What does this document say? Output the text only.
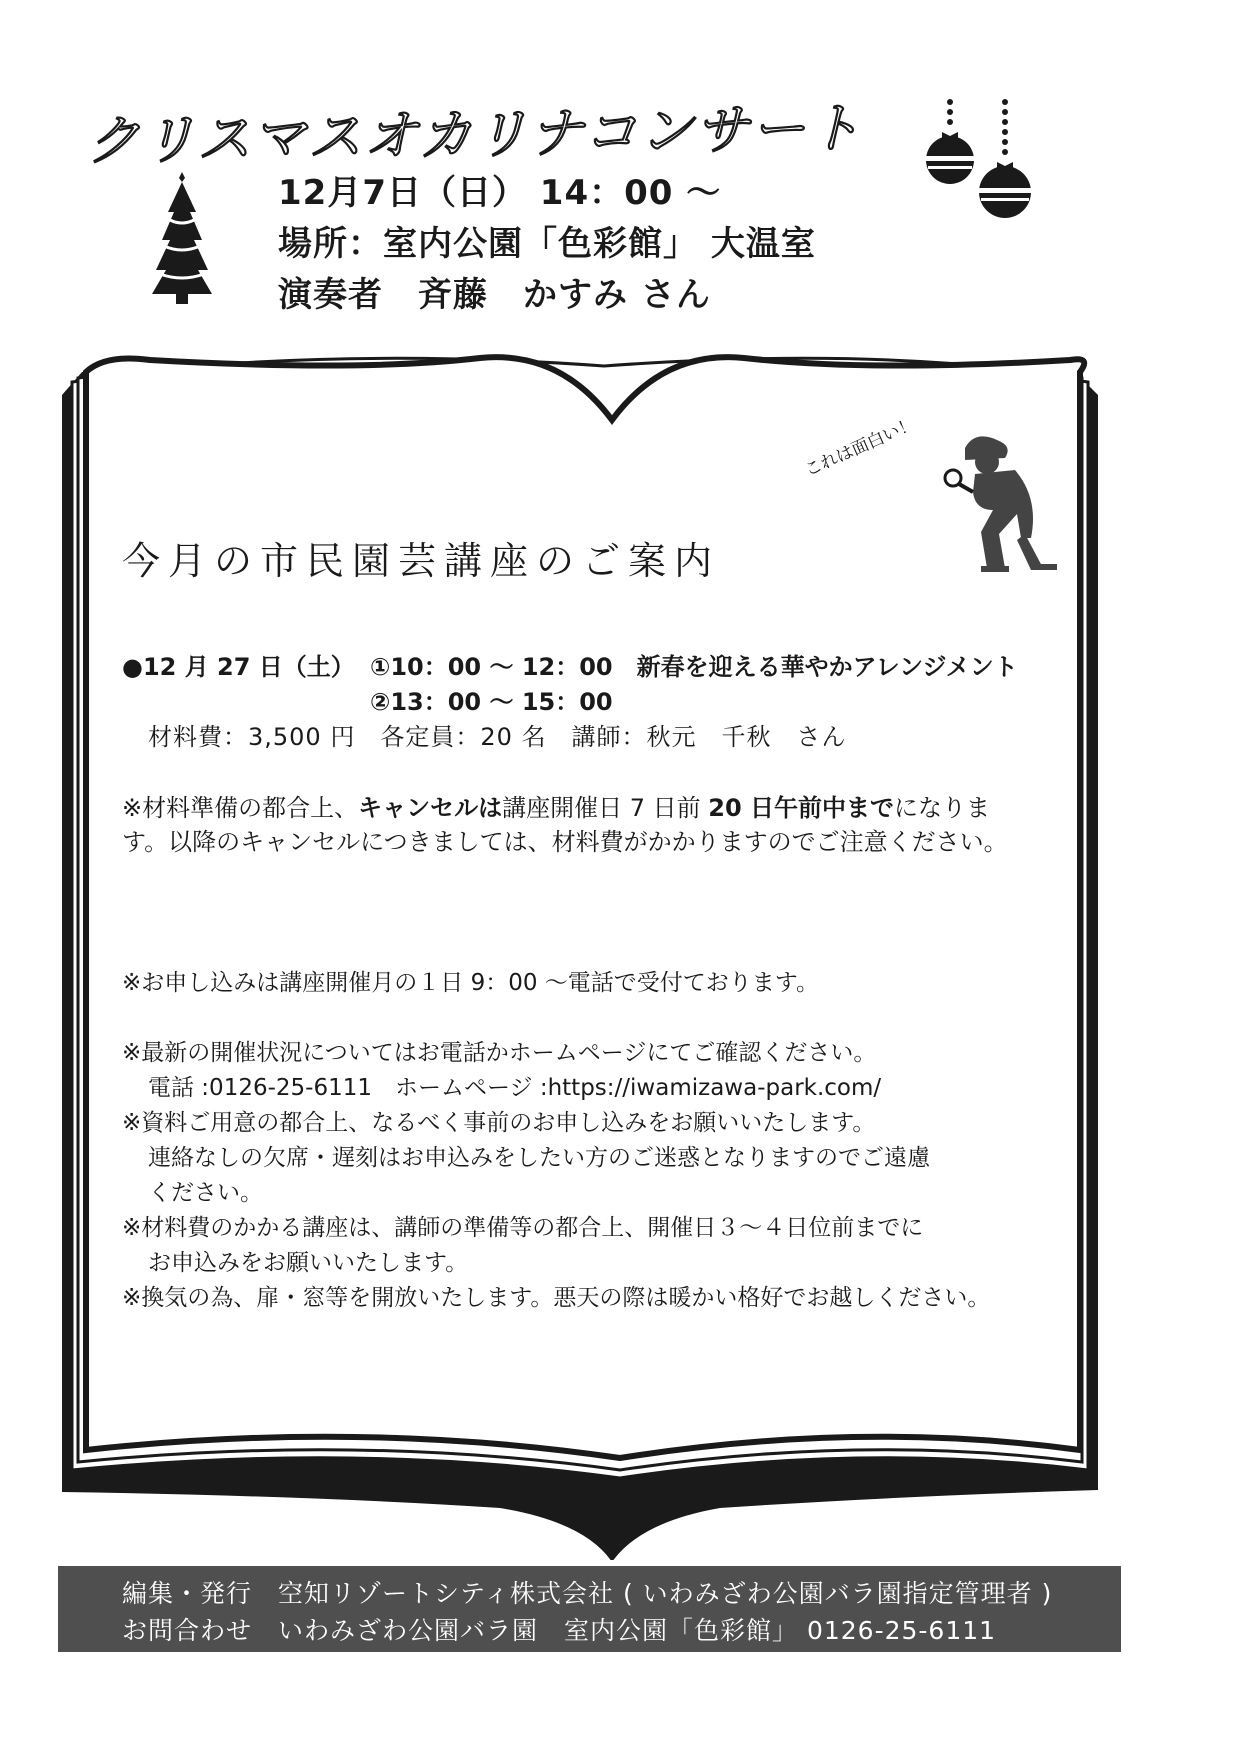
これは面白い！
クリスマスオカリナコンサート
12月7日（日） 14：00 ～
場所：室内公園「色彩館」 大温室
演奏者　斉藤　かすみ さん
今月の市民園芸講座のご案内
●12 月 27 日（土） ①10：00 ～ 12：00　新春を迎える華やかアレンジメント
②13：00 ～ 15：00
材料費：3,500 円　各定員：20 名　講師：秋元　千秋　さん
※材料準備の都合上、キャンセルは講座開催日 7 日前 20 日午前中までになりま
す。以降のキャンセルにつきましては、材料費がかかりますのでご注意ください。
※お申し込みは講座開催月の１日 9：00 ～電話で受付ております。
※最新の開催状況についてはお電話かホームページにてご確認ください。
電話 :0126-25-6111　ホームページ :https://iwamizawa-park.com/
※資料ご用意の都合上、なるべく事前のお申し込みをお願いいたします。
連絡なしの欠席・遅刻はお申込みをしたい方のご迷惑となりますのでご遠慮
ください。
※材料費のかかる講座は、講師の準備等の都合上、開催日３～４日位前までに
お申込みをお願いいたします。
※換気の為、扉・窓等を開放いたします。悪天の際は暖かい格好でお越しください。
編集・発行　空知リゾートシティ株式会社 ( いわみざわ公園バラ園指定管理者 )
お問合わせ　いわみざわ公園バラ園　室内公園「色彩館」 0126-25-6111
